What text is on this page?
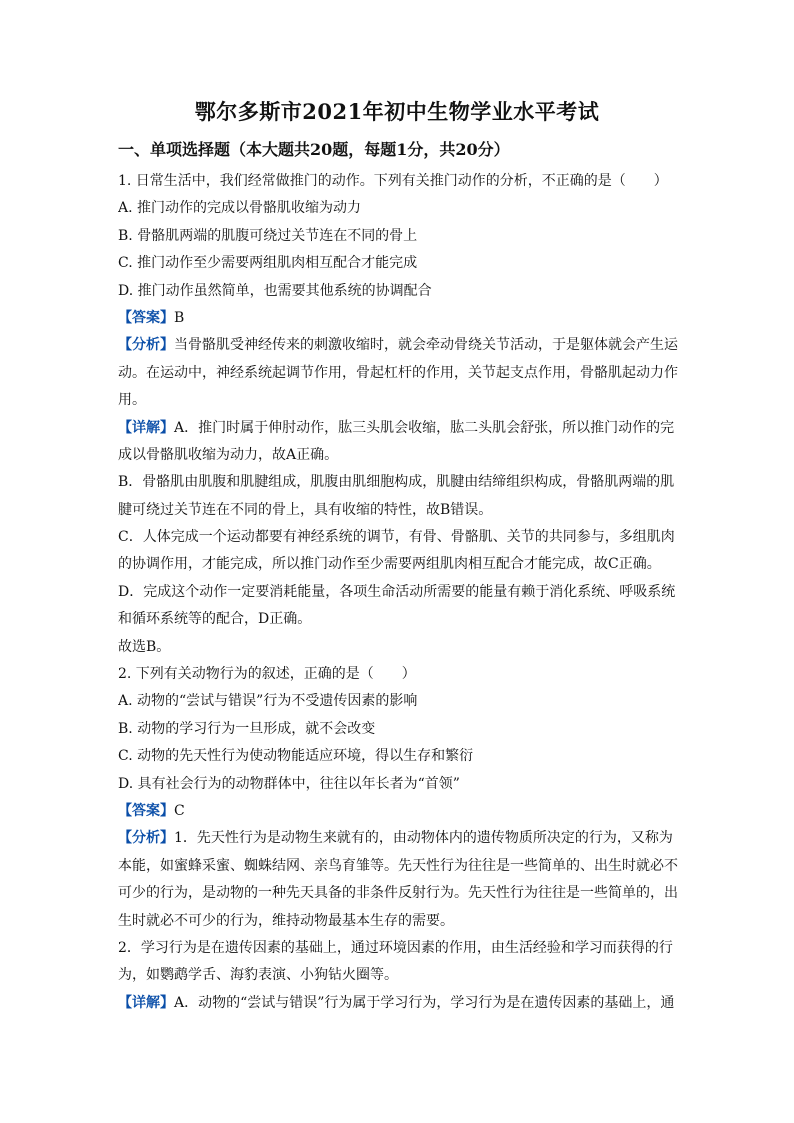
鄂尔多斯市2021年初中生物学业水平考试
一、单项选择题（本大题共20题，每题1分，共20分）
1. 日常生活中，我们经常做推门的动作。下列有关推门动作的分析，不正确的是（　　）
A. 推门动作的完成以骨骼肌收缩为动力
B. 骨骼肌两端的肌腹可绕过关节连在不同的骨上
C. 推门动作至少需要两组肌肉相互配合才能完成
D. 推门动作虽然简单，也需要其他系统的协调配合
【答案】B
【分析】当骨骼肌受神经传来的刺激收缩时，就会牵动骨绕关节活动，于是躯体就会产生运
动。在运动中，神经系统起调节作用，骨起杠杆的作用，关节起支点作用，骨骼肌起动力作
用。
【详解】A．推门时属于伸肘动作，肱三头肌会收缩，肱二头肌会舒张，所以推门动作的完
成以骨骼肌收缩为动力，故A正确。
B．骨骼肌由肌腹和肌腱组成，肌腹由肌细胞构成，肌腱由结缔组织构成，骨骼肌两端的肌
腱可绕过关节连在不同的骨上，具有收缩的特性，故B错误。
C．人体完成一个运动都要有神经系统的调节，有骨、骨骼肌、关节的共同参与，多组肌肉
的协调作用，才能完成，所以推门动作至少需要两组肌肉相互配合才能完成，故C正确。
D．完成这个动作一定要消耗能量，各项生命活动所需要的能量有赖于消化系统、呼吸系统
和循环系统等的配合，D正确。
故选B。
2. 下列有关动物行为的叙述，正确的是（　　）
A. 动物的“尝试与错误”行为不受遗传因素的影响
B. 动物的学习行为一旦形成，就不会改变
C. 动物的先天性行为使动物能适应环境，得以生存和繁衍
D. 具有社会行为的动物群体中，往往以年长者为“首领”
【答案】C
【分析】1．先天性行为是动物生来就有的，由动物体内的遗传物质所决定的行为，又称为
本能，如蜜蜂采蜜、蜘蛛结网、亲鸟育雏等。先天性行为往往是一些简单的、出生时就必不
可少的行为，是动物的一种先天具备的非条件反射行为。先天性行为往往是一些简单的，出
生时就必不可少的行为，维持动物最基本生存的需要。
2．学习行为是在遗传因素的基础上，通过环境因素的作用，由生活经验和学习而获得的行
为，如鹦鹉学舌、海豹表演、小狗钻火圈等。
【详解】A．动物的“尝试与错误”行为属于学习行为，学习行为是在遗传因素的基础上，通
